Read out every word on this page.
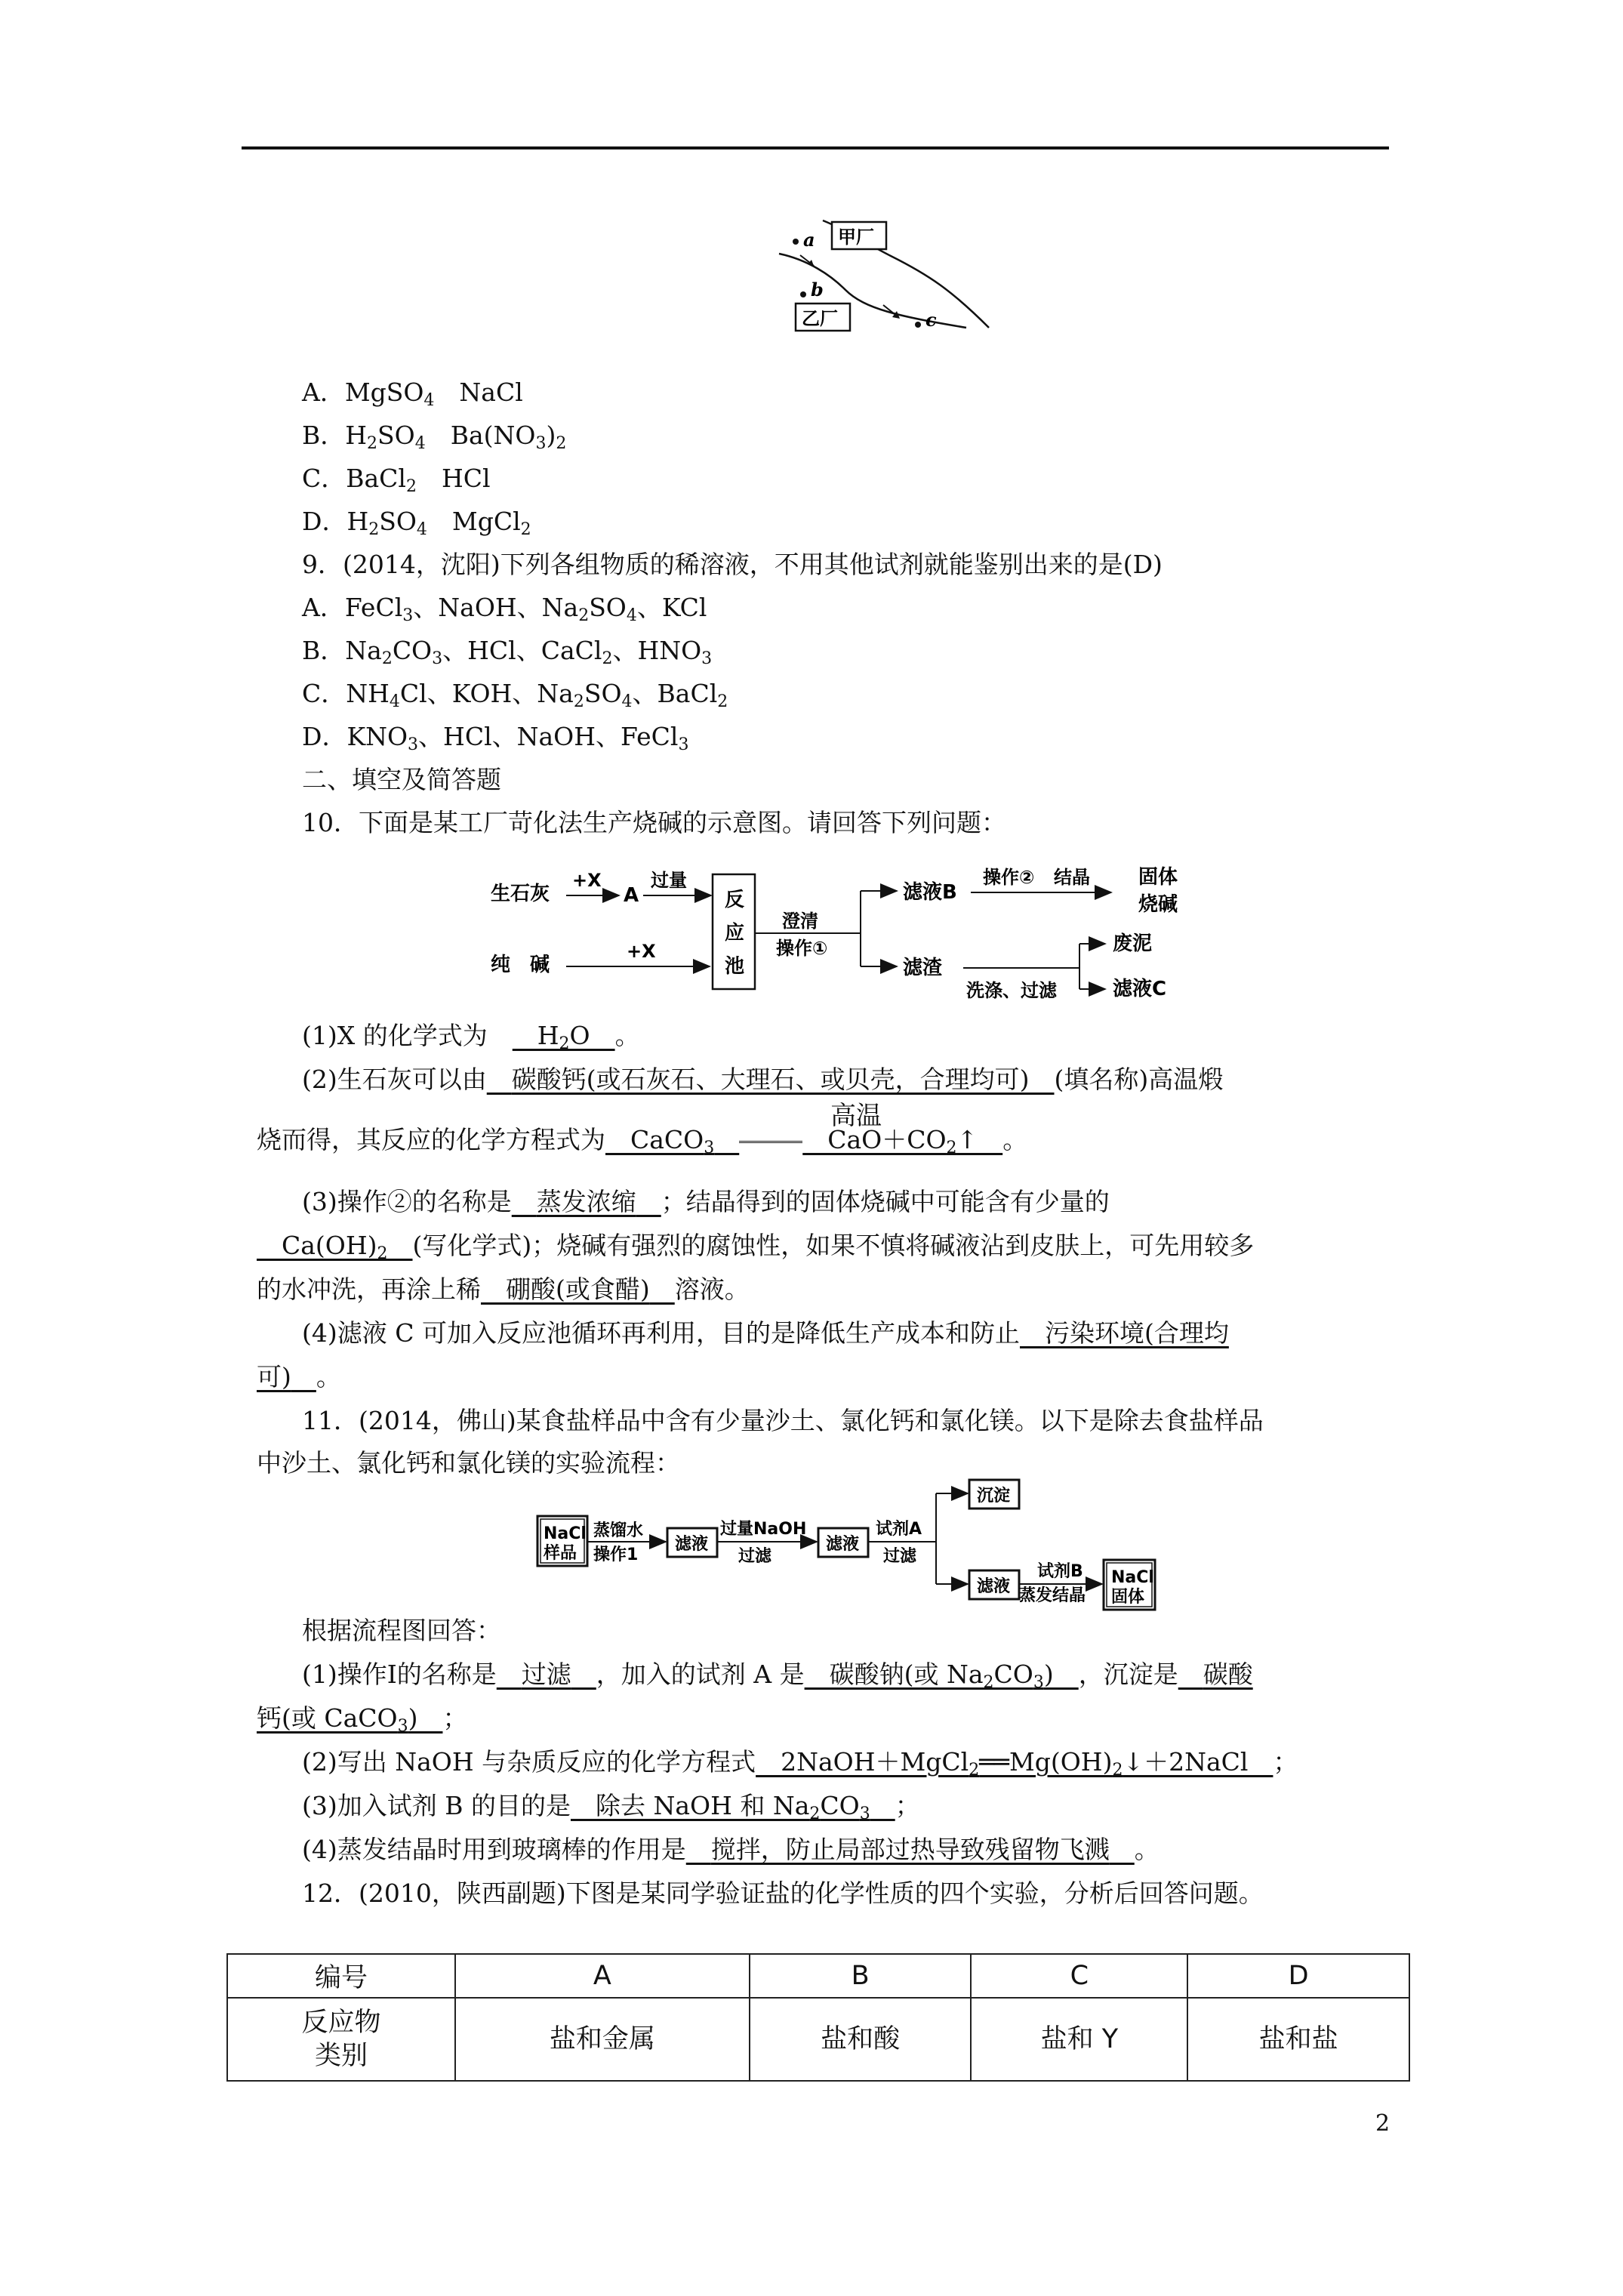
a 甲厂
b
乙厂	c
A．MgSO$_4$　NaCl
B．$H_2SO_4$　$Ba(NO_3)_2$
C．BaCl$_2$　HCl
D．$H_2SO_4$　MgCl$_2$
9．(2014，沈阳)下列各组物质的稀溶液，不用其他试剂就能鉴别出来的是(D)
A．FeCl$_3$、NaOH、$Na_2SO_4$、KCl
B．$Na_2CO_3$、HCl、CaCl$_2$、$HNO_3$
C．$NH_4Cl$、KOH、$Na_2SO_4$、BaCl$_2$
D．$KNO_3$、HCl、NaOH、FeCl$_3$
二、填空及简答题
10．下面是某工厂苛化法生产烧碱的示意图。请回答下列问题：
生石灰
+X
A
过量
反
应
池
纯　碱
+X
澄清
操作①
滤液B
操作② 结晶 固体
烧碱
滤渣
洗涤、过滤
废泥
滤液C
(1)X 的化学式为　　$H_2O$　。
(2)生石灰可以由　 碳酸钙(或石灰石、大理石、或贝壳，合理均可)　 (填名称)高温煅
高温
烧而得，其反应的化学方程式为　CaCO$_3$　	　$CaO+CO_2↑$　。
(3)操作②的名称是　 蒸发浓缩　 ；结晶得到的固体烧碱中可能含有少量的
　$Ca(OH)_2$　 (写化学式)；烧碱有强烈的腐蚀性，如果不慎将碱液沾到皮肤上，可先用较多
的水冲洗，再涂上稀　 硼酸(或食醋)　 溶液。
(4)滤液 C 可加入反应池循环再利用，目的是降低生产成本和防止　 污染环境(合理均
可)　 。
11．(2014，佛山)某食盐样品中含有少量沙土、氯化钙和氯化镁。以下是除去食盐样品
中沙土、氯化钙和氯化镁的实验流程：
NaCl
样品
蒸馏水
操作1
滤液
过量NaOH
过滤
滤液
试剂A
过滤
沉淀
滤液
试剂B
蒸发结晶
NaCl
固体
根据流程图回答：
(1)操作Ⅰ的名称是　 过滤　 ，加入的试剂 A 是　碳酸钠(或 $Na_2CO_3$)　，沉淀是　 碳酸
钙(或 CaCO$_3$)　；
(2)写出 NaOH 与杂质反应的化学方程式　$2NaOH+MgCl_2══Mg(OH)_2↓+2NaCl$　；
(3)加入试剂 B 的目的是　除去 NaOH 和 $Na_2CO_3$　 ；
(4)蒸发结晶时用到玻璃棒的作用是　 搅拌，防止局部过热导致残留物飞溅　 。
12．(2010，陕西副题)下图是某同学验证盐的化学性质的四个实验，分析后回答问题。
编号	A	B	C	D
反应物
类别	盐和金属	盐和酸	盐和 Y	盐和盐
2
